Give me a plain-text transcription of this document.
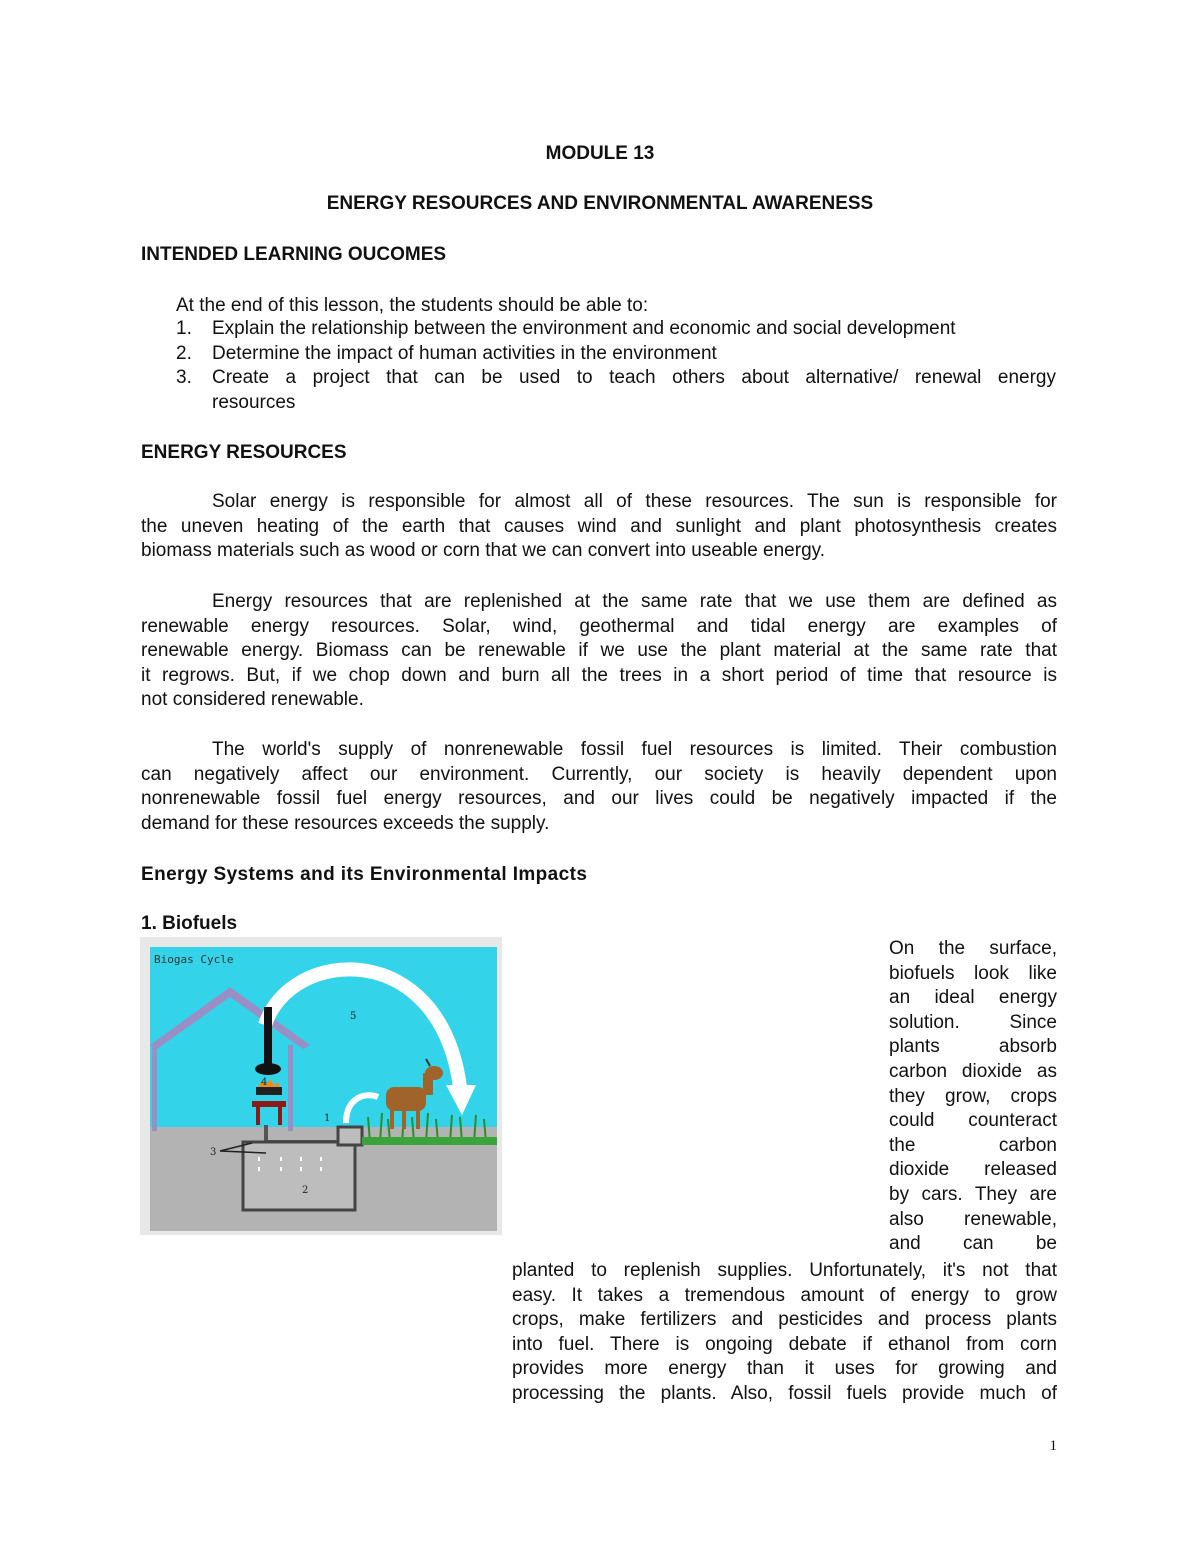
MODULE 13
ENERGY RESOURCES AND ENVIRONMENTAL AWARENESS
INTENDED LEARNING OUCOMES
At the end of this lesson, the students should be able to:
1. Explain the relationship between the environment and economic and social development
2. Determine the impact of human activities in the environment
3. Create a project that can be used to teach others about alternative/ renewal energy
resources
ENERGY RESOURCES
Solar energy is responsible for almost all of these resources. The sun is responsible for
the uneven heating of the earth that causes wind and sunlight and plant photosynthesis creates
biomass materials such as wood or corn that we can convert into useable energy.
Energy resources that are replenished at the same rate that we use them are defined as
renewable energy resources. Solar, wind, geothermal and tidal energy are examples of
renewable energy. Biomass can be renewable if we use the plant material at the same rate that
it regrows. But, if we chop down and burn all the trees in a short period of time that resource is
not considered renewable.
The world's supply of nonrenewable fossil fuel resources is limited. Their combustion
can negatively affect our environment. Currently, our society is heavily dependent upon
nonrenewable fossil fuel energy resources, and our lives could be negatively impacted if the
demand for these resources exceeds the supply.
Energy Systems and its Environmental Impacts
1. Biofuels
Biogas Cycle
1
2
3
4
5
On the surface,
biofuels look like
an ideal energy
solution. Since
plants absorb
carbon dioxide as
they grow, crops
could counteract
the carbon
dioxide released
by cars. They are
also renewable,
and can be
planted to replenish supplies. Unfortunately, it's not that
easy. It takes a tremendous amount of energy to grow
crops, make fertilizers and pesticides and process plants
into fuel. There is ongoing debate if ethanol from corn
provides more energy than it uses for growing and
processing the plants. Also, fossil fuels provide much of
1
